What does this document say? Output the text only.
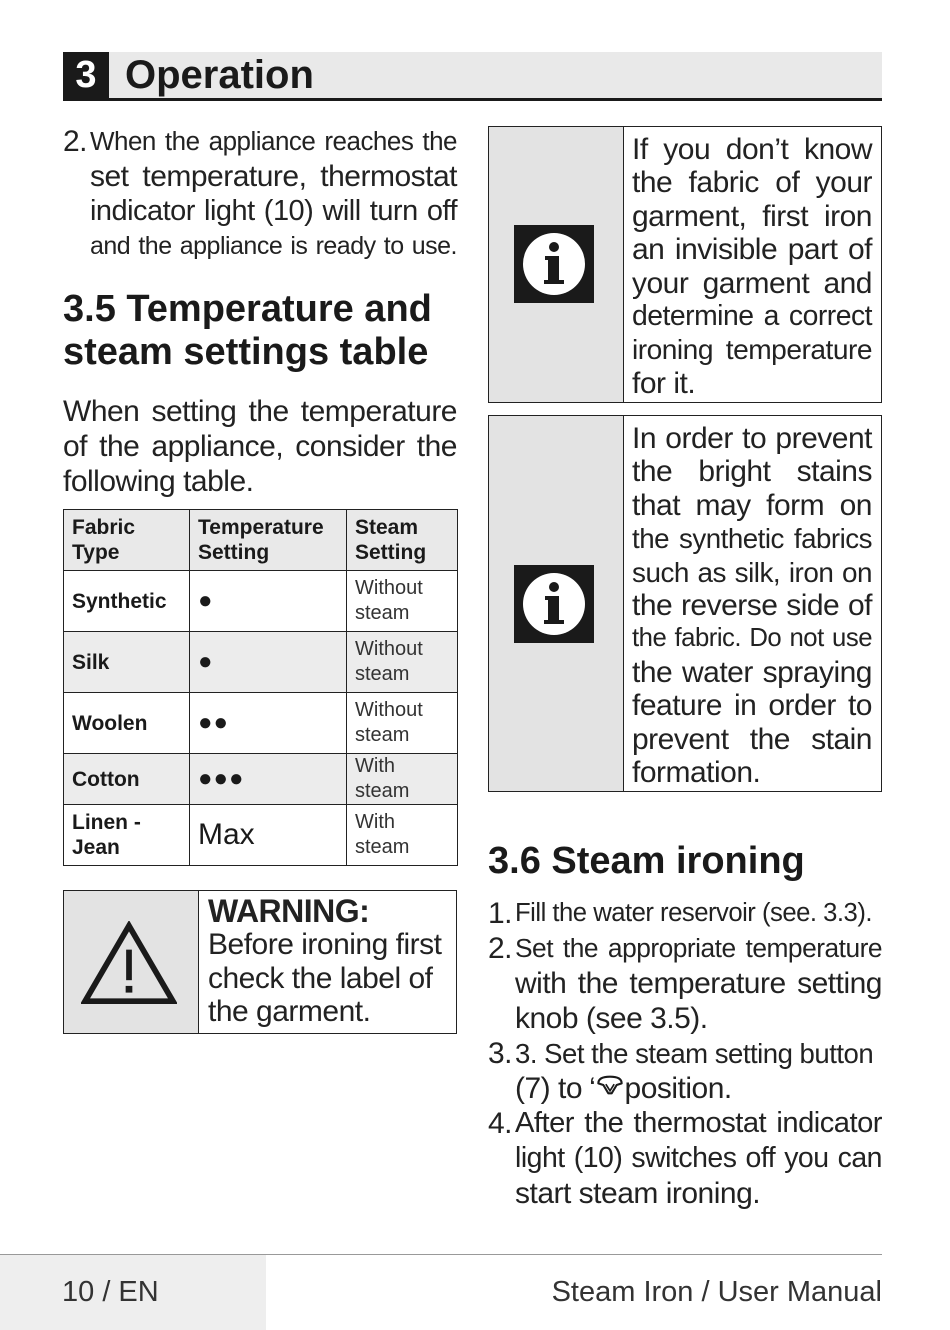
3 Operation
2. When the appliance reaches the
set temperature, thermostat
indicator light (10) will turn off
and the appliance is ready to use.
3.5 Temperature and
steam settings table
When setting the temperature
of the appliance, consider the
following table.
Fabric Type	Temperature Setting	Steam Setting
Synthetic	●	Without steam
Silk	●	Without steam
Woolen	●●	Without steam
Cotton	●●●	With steam
Linen - Jean	Max	With steam
WARNING:
Before ironing first
check the label of
the garment.
If you don’t know
the fabric of your
garment, first iron
an invisible part of
your garment and
determine a correct
ironing temperature
for it.
In order to prevent
the bright stains
that may form on
the synthetic fabrics
such as silk, iron on
the reverse side of
the fabric. Do not use
the water spraying
feature in order to
prevent the stain
formation.
3.6 Steam ironing
1. Fill the water reservoir (see. 3.3).
2. Set the appropriate temperature
with the temperature setting
knob (see 3.5).
3. 3. Set the steam setting button
(7) to “ ” position.
4. After the thermostat indicator
light (10) switches off you can
start steam ironing.
10 / EN	Steam Iron / User Manual
